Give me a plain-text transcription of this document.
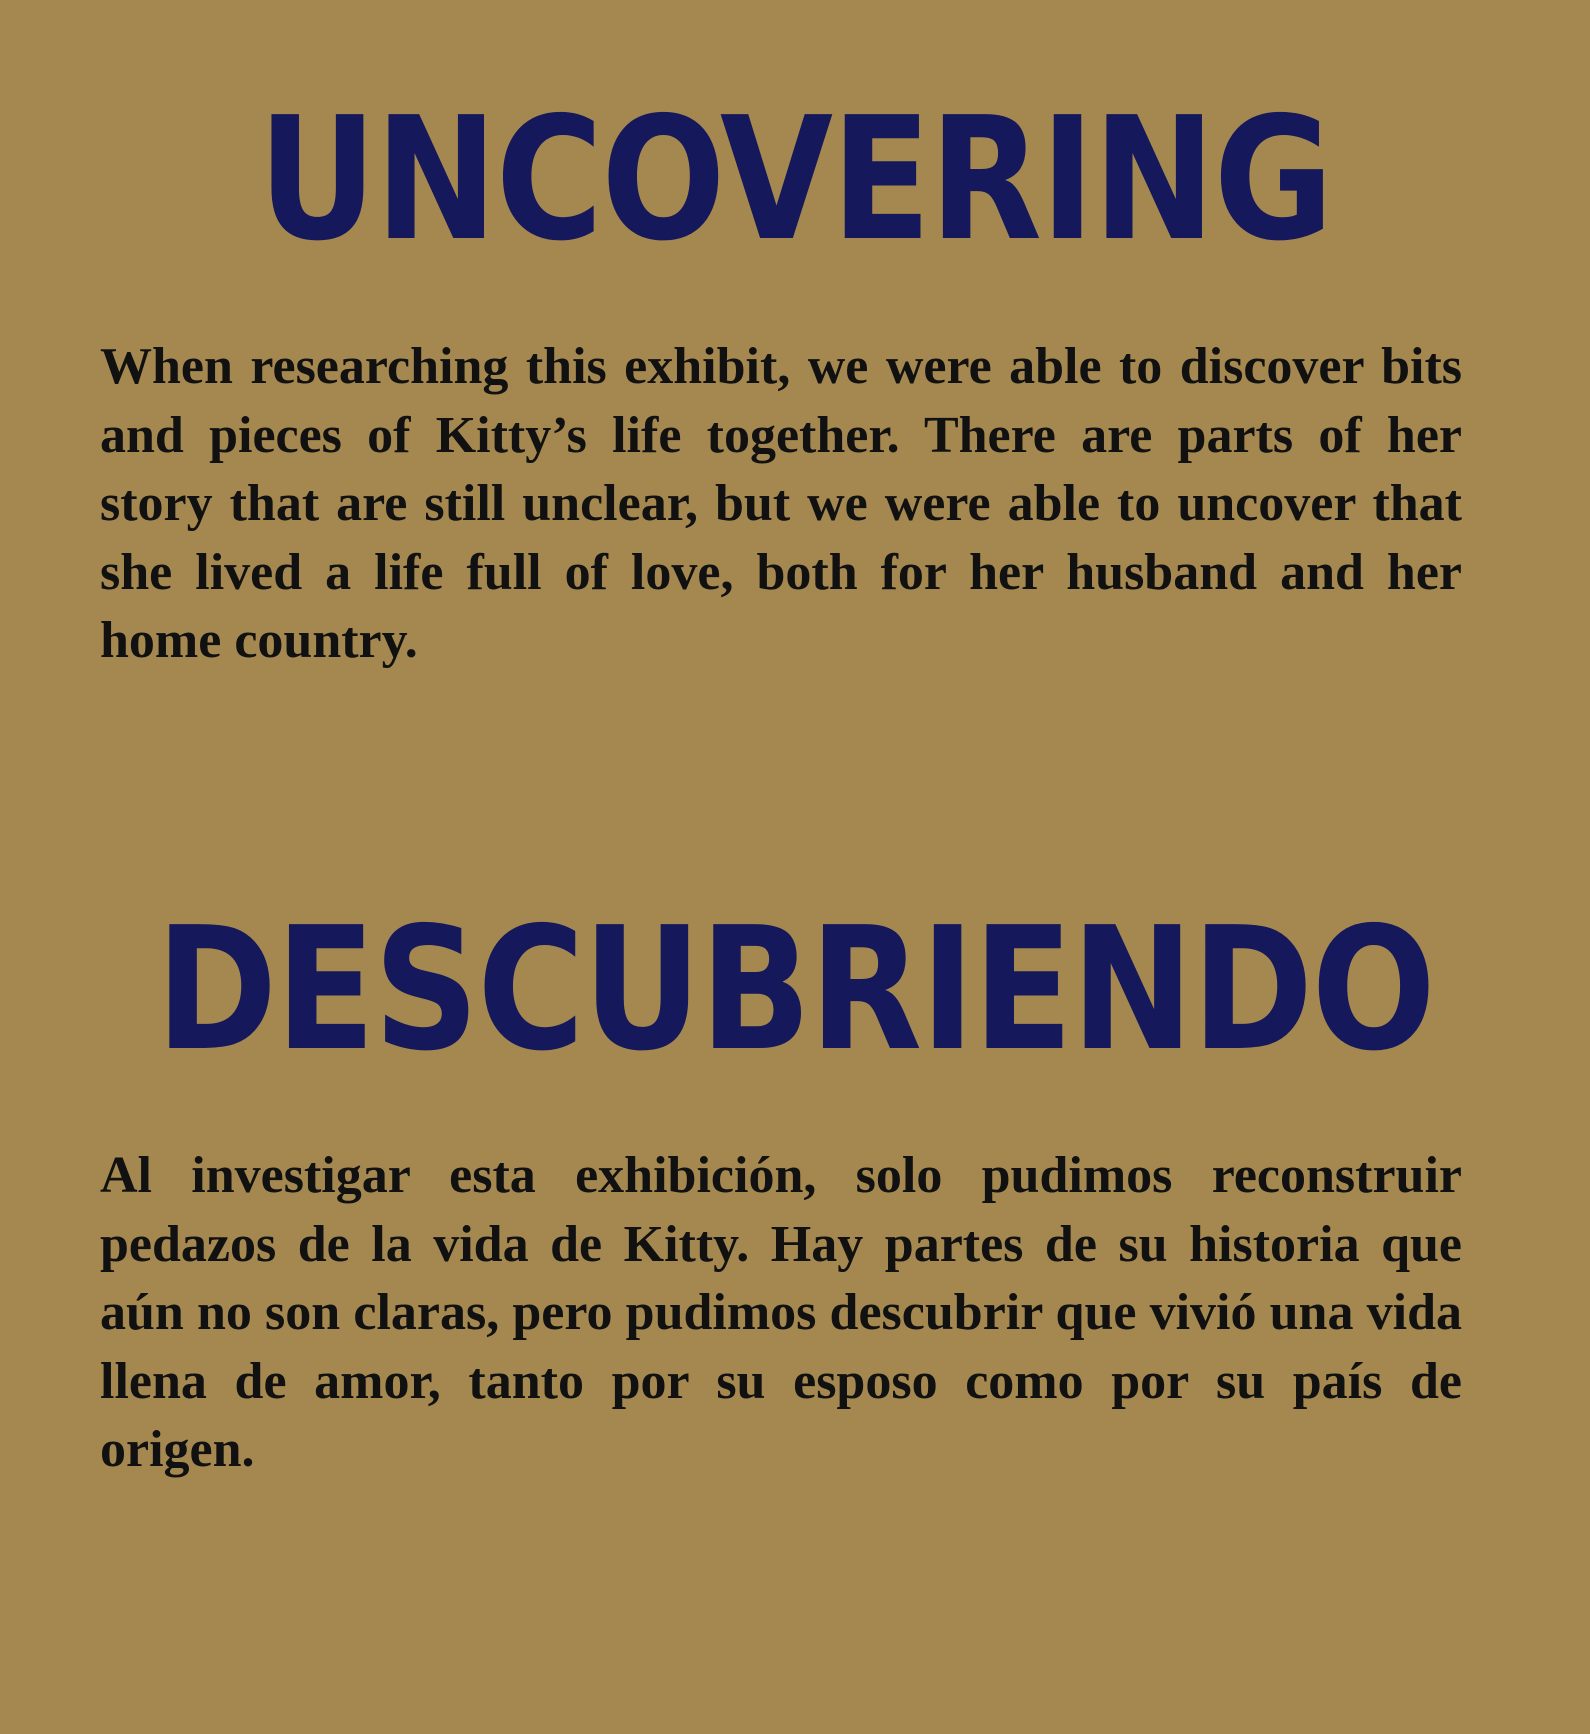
UNCOVERING

When researching this exhibit, we were able to discover bits and pieces of Kitty’s life together. There are parts of her story that are still unclear, but we were able to uncover that she lived a life full of love, both for her husband and her home country.

DESCUBRIENDO

Al investigar esta exhibición, solo pudimos reconstruir pedazos de la vida de Kitty. Hay partes de su historia que aún no son claras, pero pudimos descubrir que vivió una vida llena de amor, tanto por su esposo como por su país de origen.
